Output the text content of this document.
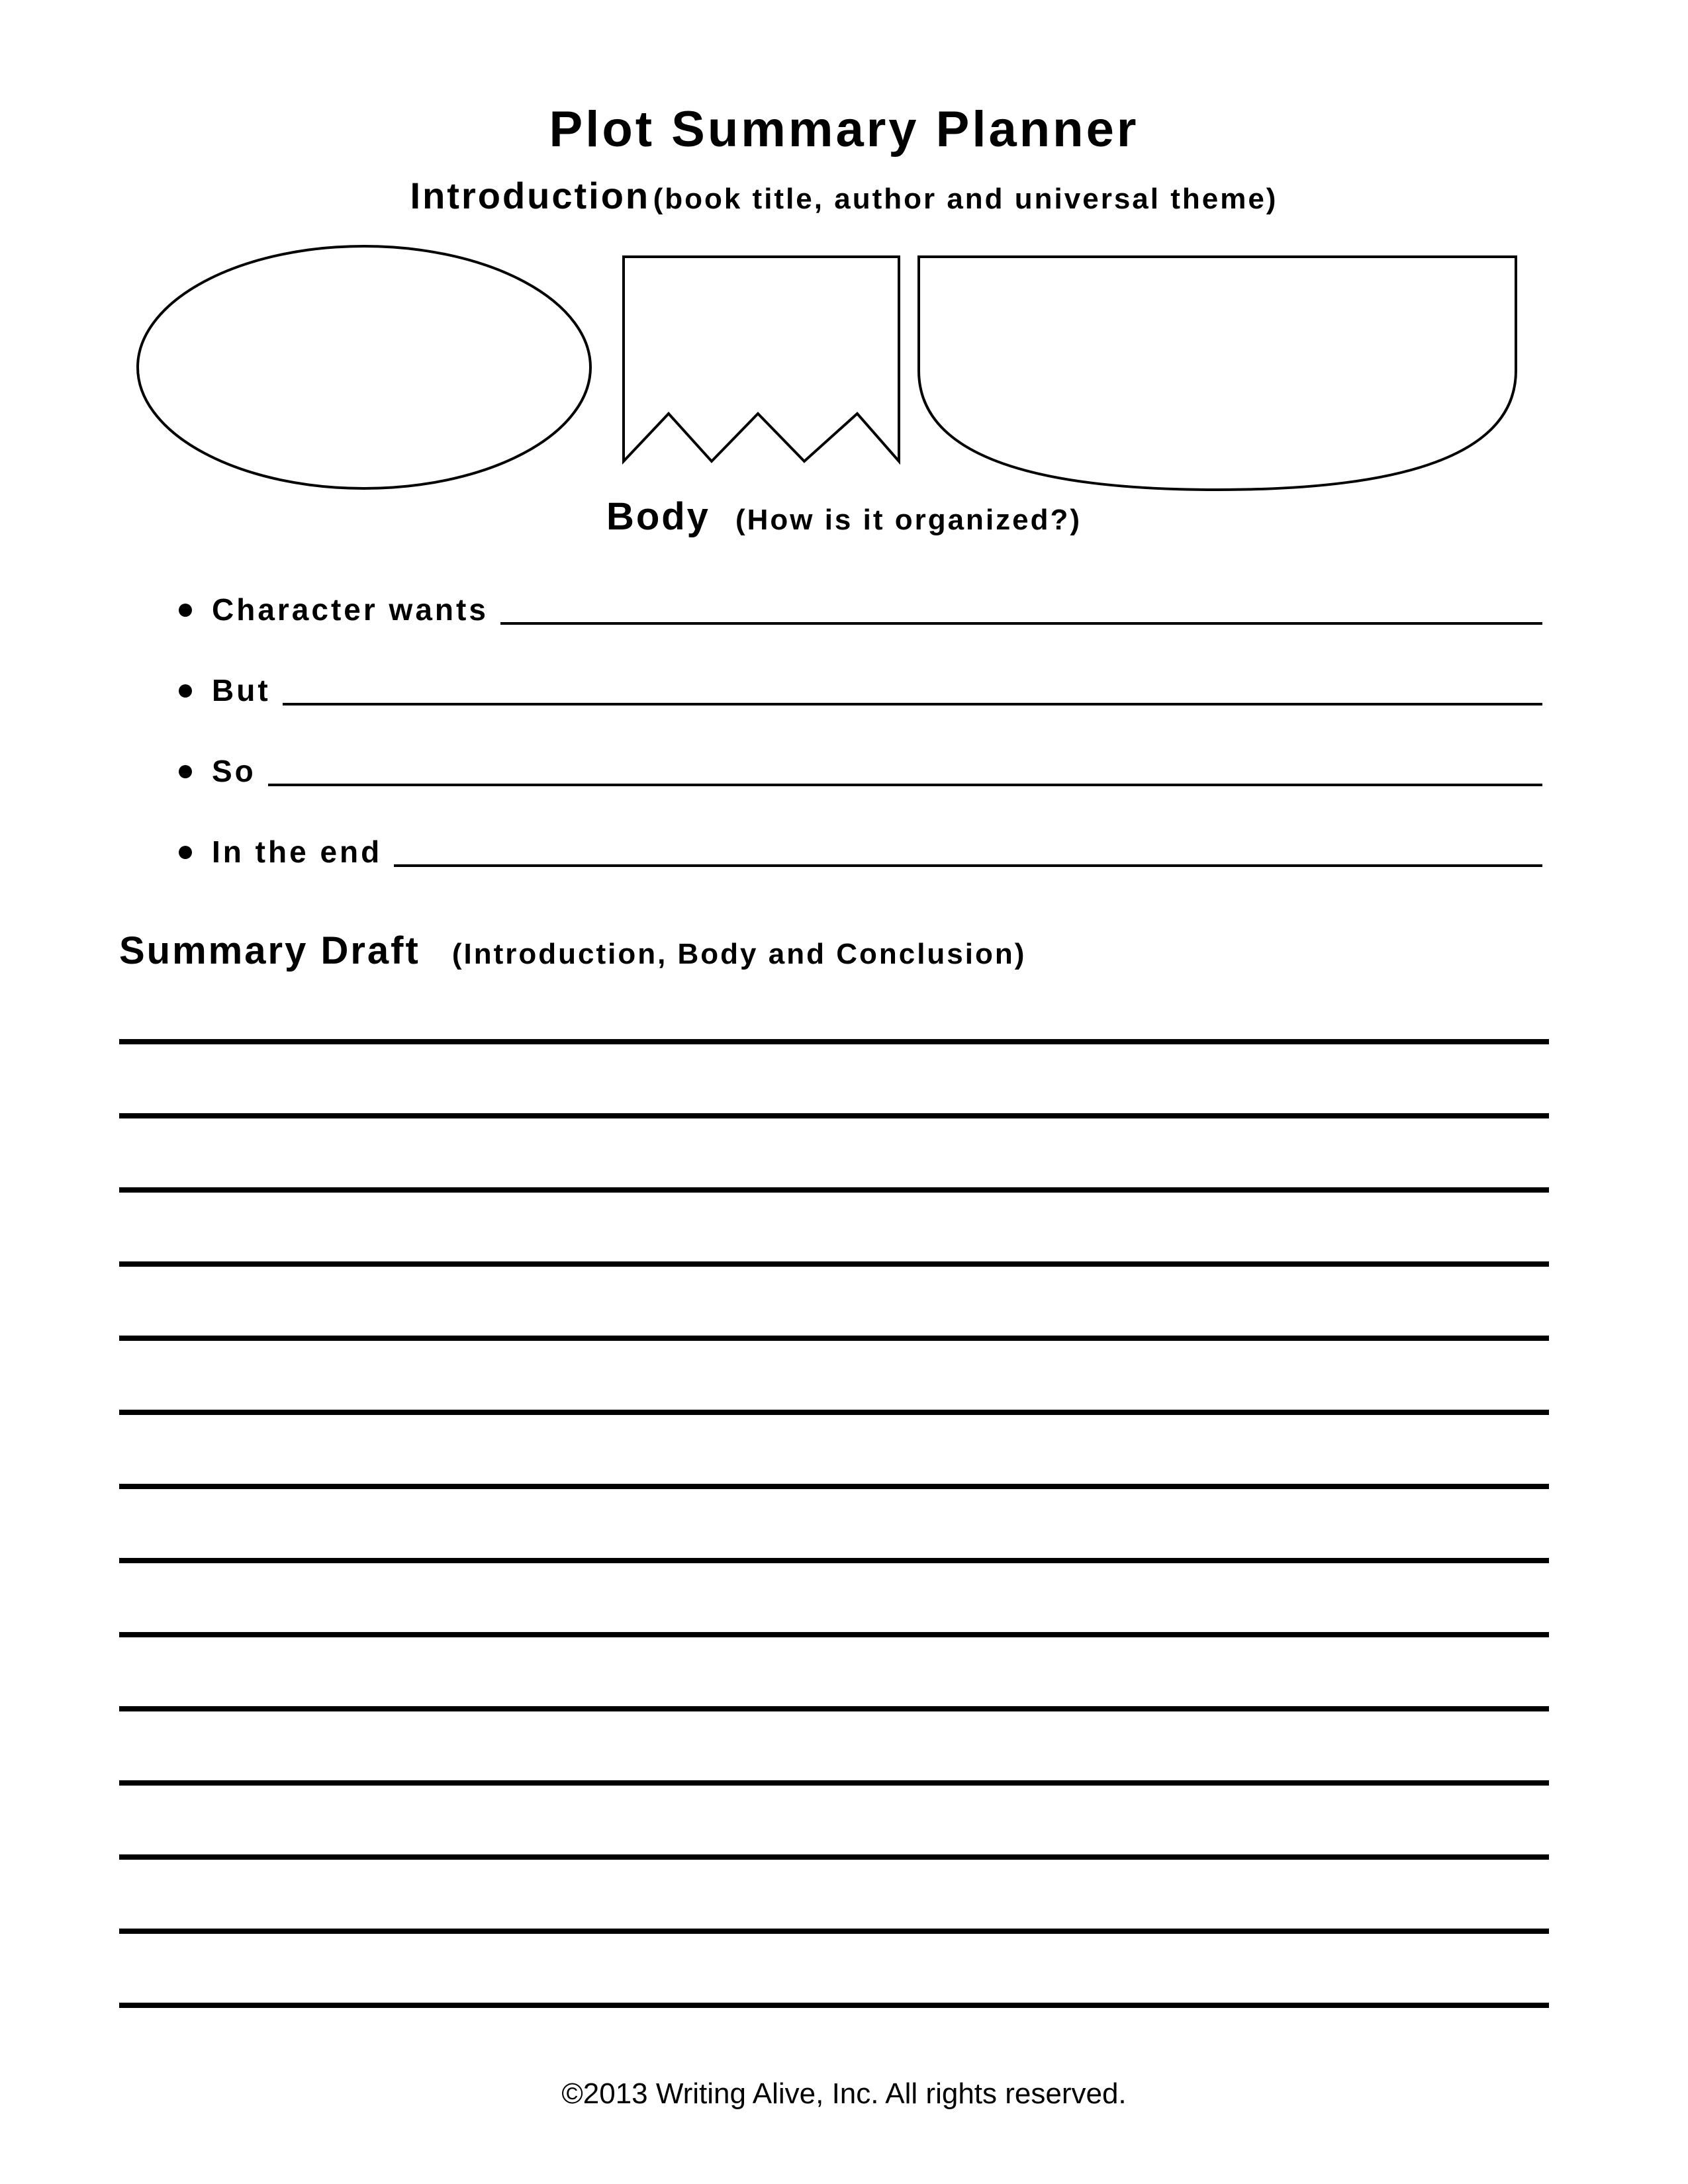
Plot Summary Planner
Introduction (book title, author and universal theme)
Body (How is it organized?)
Character wants
But
So
In the end
Summary Draft (Introduction, Body and Conclusion)
©2013 Writing Alive, Inc. All rights reserved.
